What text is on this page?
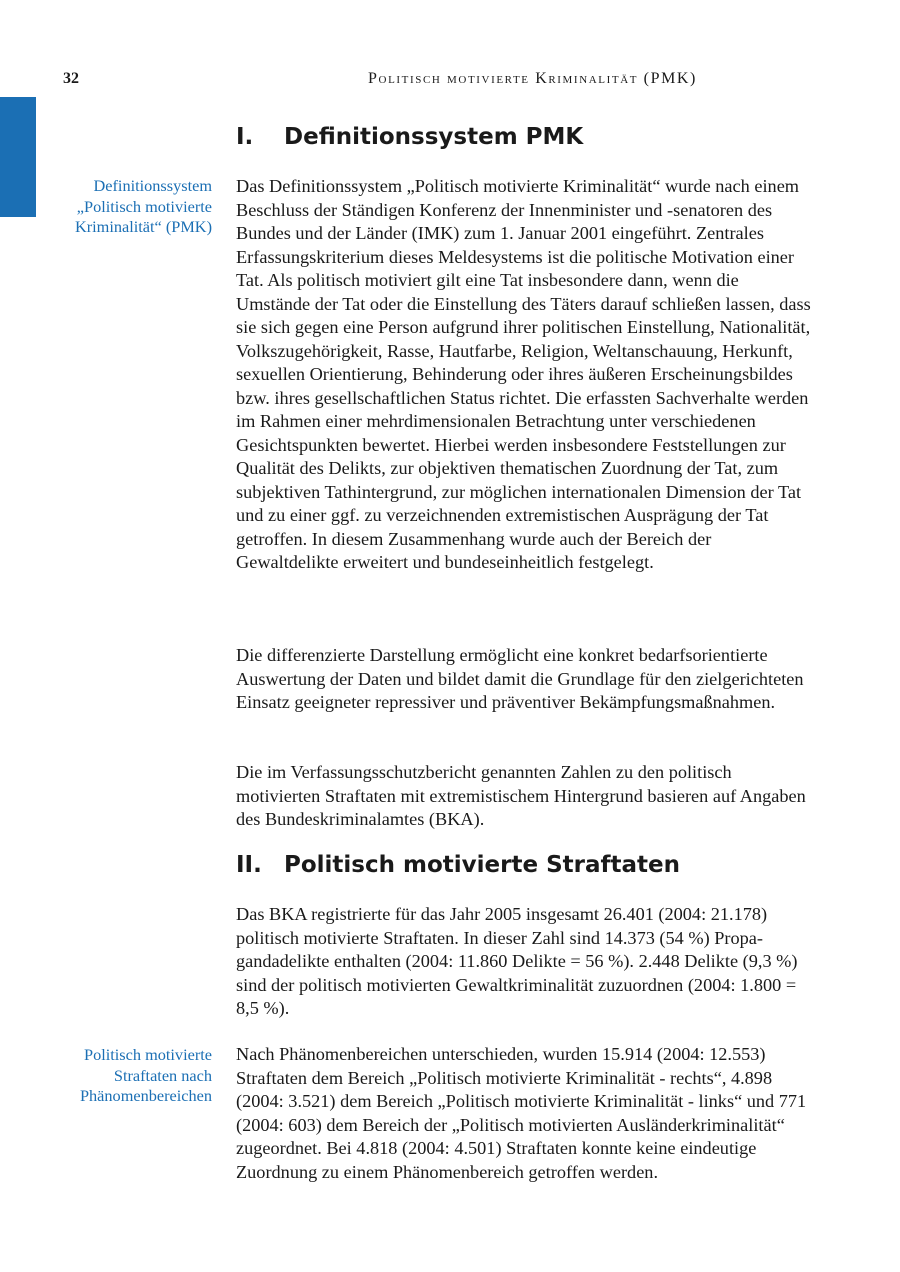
32	Politisch motivierte Kriminalität (PMK)
I. Definitionssystem PMK

Definitionssystem „Politisch motivierte Kriminalität“ (PMK)

Das Definitionssystem „Politisch motivierte Kriminalität“ wurde nach einem Beschluss der Ständigen Konferenz der Innenminister und -senatoren des Bundes und der Länder (IMK) zum 1. Januar 2001 eingeführt. Zentrales Erfassungskriterium dieses Meldesystems ist die politische Motivation einer Tat. Als politisch motiviert gilt eine Tat insbesondere dann, wenn die Umstände der Tat oder die Einstellung des Täters darauf schließen lassen, dass sie sich gegen eine Person aufgrund ihrer politischen Einstellung, Nationalität, Volkszugehörigkeit, Rasse, Hautfarbe, Religion, Weltanschauung, Herkunft, sexuellen Orientierung, Behinderung oder ihres äußeren Erscheinungsbildes bzw. ihres gesellschaftlichen Status richtet. Die erfassten Sachverhalte werden im Rahmen einer mehrdimensionalen Betrachtung unter verschiedenen Gesichtspunkten bewertet. Hierbei werden insbesondere Feststellungen zur Qualität des Delikts, zur objektiven thematischen Zuordnung der Tat, zum subjektiven Tathintergrund, zur möglichen internationalen Dimension der Tat und zu einer ggf. zu verzeichnenden extremistischen Ausprägung der Tat getroffen. In diesem Zusammenhang wurde auch der Bereich der Gewaltdelikte erweitert und bundeseinheitlich festgelegt.

Die differenzierte Darstellung ermöglicht eine konkret bedarfsorientierte Auswertung der Daten und bildet damit die Grundlage für den zielgerichteten Einsatz geeigneter repressiver und präventiver Bekämpfungsmaßnahmen.

Die im Verfassungsschutzbericht genannten Zahlen zu den politisch motivierten Straftaten mit extremistischem Hintergrund basieren auf Angaben des Bundeskriminalamtes (BKA).

II. Politisch motivierte Straftaten

Das BKA registrierte für das Jahr 2005 insgesamt 26.401 (2004: 21.178) politisch motivierte Straftaten. In dieser Zahl sind 14.373 (54 %) Propagandadelikte enthalten (2004: 11.860 Delikte = 56 %). 2.448 Delikte (9,3 %) sind der politisch motivierten Gewaltkriminalität zuzuordnen (2004: 1.800 = 8,5 %).

Politisch motivierte Straftaten nach Phänomenbereichen

Nach Phänomenbereichen unterschieden, wurden 15.914 (2004: 12.553) Straftaten dem Bereich „Politisch motivierte Kriminalität - rechts“, 4.898 (2004: 3.521) dem Bereich „Politisch motivierte Kriminalität - links“ und 771 (2004: 603) dem Bereich der „Politisch motivierten Ausländerkriminalität“ zugeordnet. Bei 4.818 (2004: 4.501) Straftaten konnte keine eindeutige Zuordnung zu einem Phänomenbereich getroffen werden.
